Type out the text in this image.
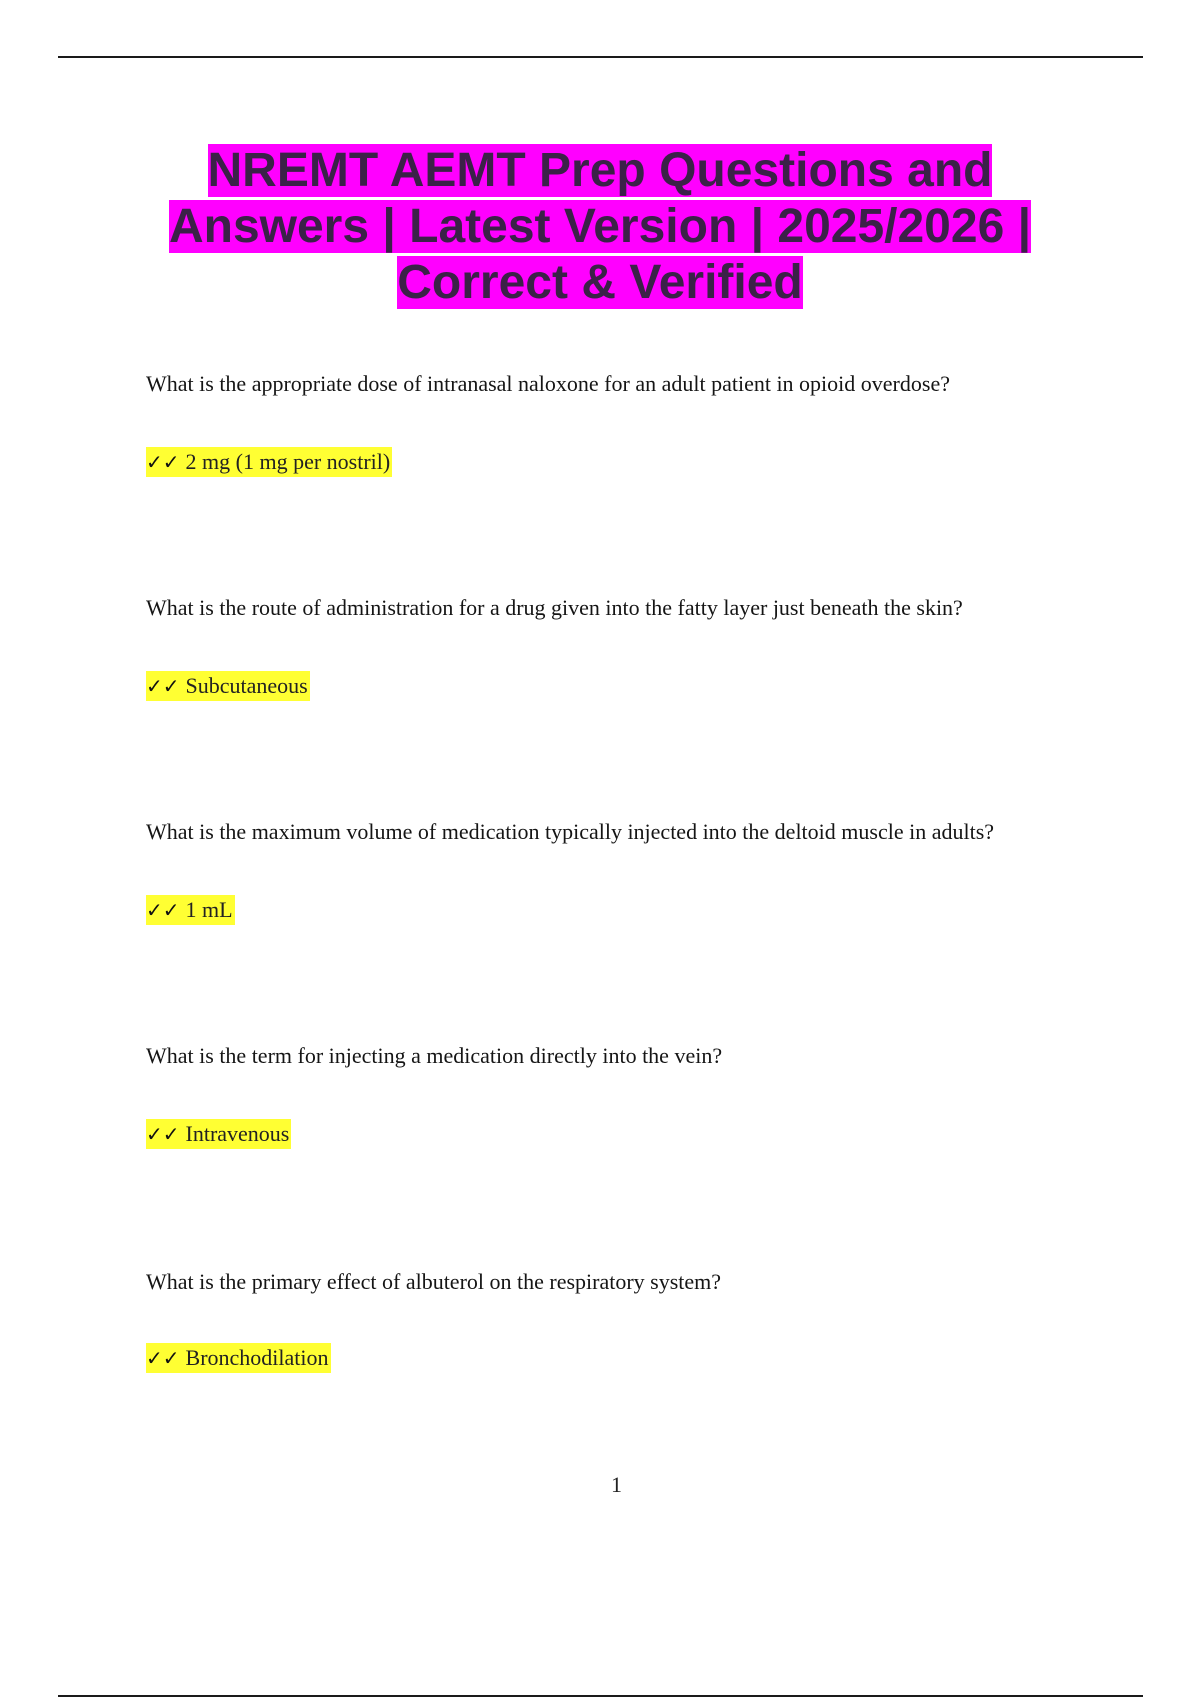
NREMT AEMT Prep Questions and Answers | Latest Version | 2025/2026 | Correct & Verified

What is the appropriate dose of intranasal naloxone for an adult patient in opioid overdose?

✓✓ 2 mg (1 mg per nostril)

What is the route of administration for a drug given into the fatty layer just beneath the skin?

✓✓ Subcutaneous

What is the maximum volume of medication typically injected into the deltoid muscle in adults?

✓✓ 1 mL

What is the term for injecting a medication directly into the vein?

✓✓ Intravenous

What is the primary effect of albuterol on the respiratory system?

✓✓ Bronchodilation
1
